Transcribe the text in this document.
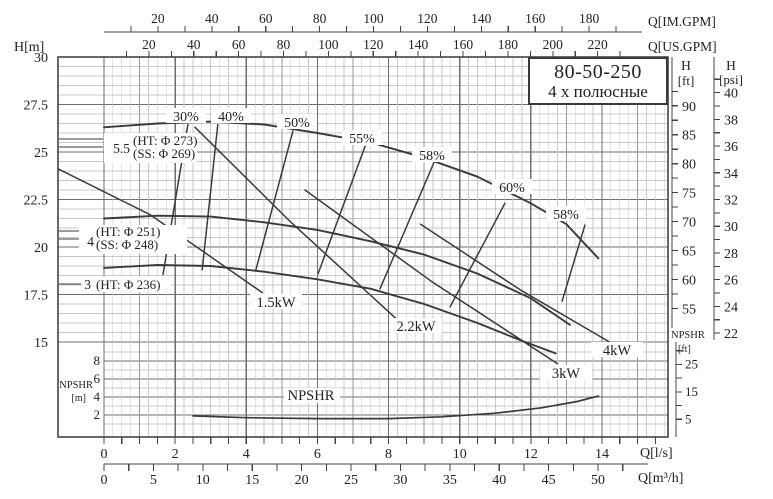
20	40	60	80	100 120 140 160 180	Q[IM.GPM]
20 40 60 80 100 120 140 160 180 200 220	Q[US.GPM]
0	2	4	6	8	10	12	14 Q[l/s]
0	5	10	15	20	25	30	35	40	45	50 Q[m³/h]
H[m]
30
27.5
25
22.5
20
17.5
15
NPSHR
[m]
8
6
4
2
90
85
80
75
70
65
60
55
H
[ft]
25
15
5
NPSHR
[ft]
40
38
36
34
32
30
28
26
24
22
H
[psi]
30% 40%	50%
55%
58%
60%
58%
1.5kW
2.2kW
3kW
4kW
NPSHR
5.5
(HT: Φ 273)
(SS: Φ 269)
4
(HT: Φ 251)
(SS: Φ 248)
3 (HT: Φ 236)
80-50-250
4 х полюсные
